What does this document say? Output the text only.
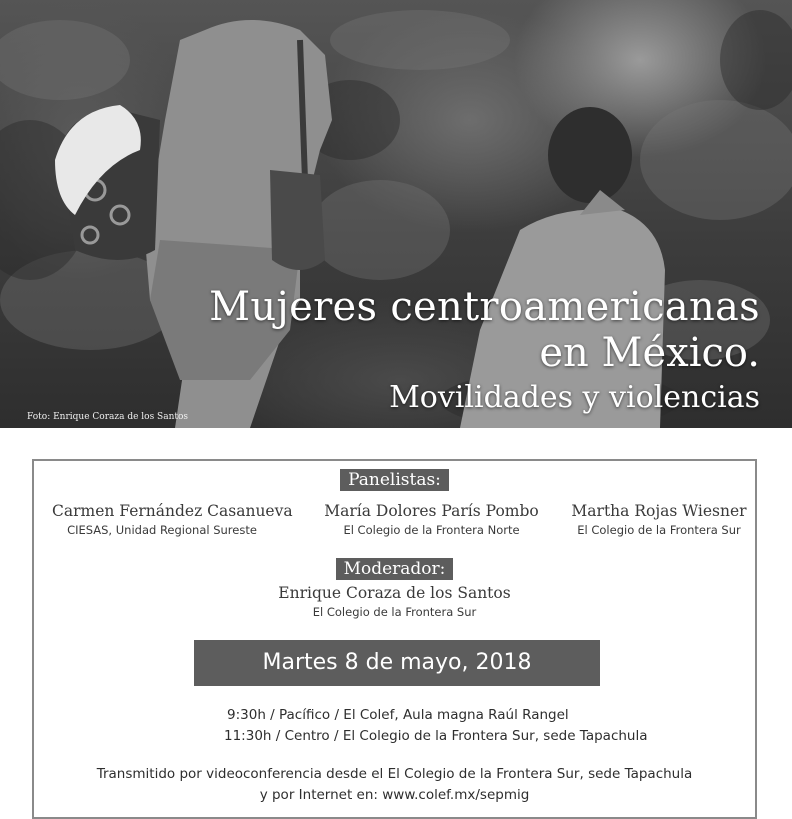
Mujeres centroamericanas
en México.
Movilidades y violencias
Foto: Enrique Coraza de los Santos
Panelistas:
Carmen Fernández Casanueva
CIESAS, Unidad Regional Sureste
María Dolores París Pombo
El Colegio de la Frontera Norte
Martha Rojas Wiesner
El Colegio de la Frontera Sur
Moderador:
Enrique Coraza de los Santos
El Colegio de la Frontera Sur
Martes 8 de mayo, 2018
9:30h / Pacífico / El Colef, Aula magna Raúl Rangel
11:30h / Centro / El Colegio de la Frontera Sur, sede Tapachula
Transmitido por videoconferencia desde el El Colegio de la Frontera Sur, sede Tapachula
y por Internet en: www.colef.mx/sepmig
